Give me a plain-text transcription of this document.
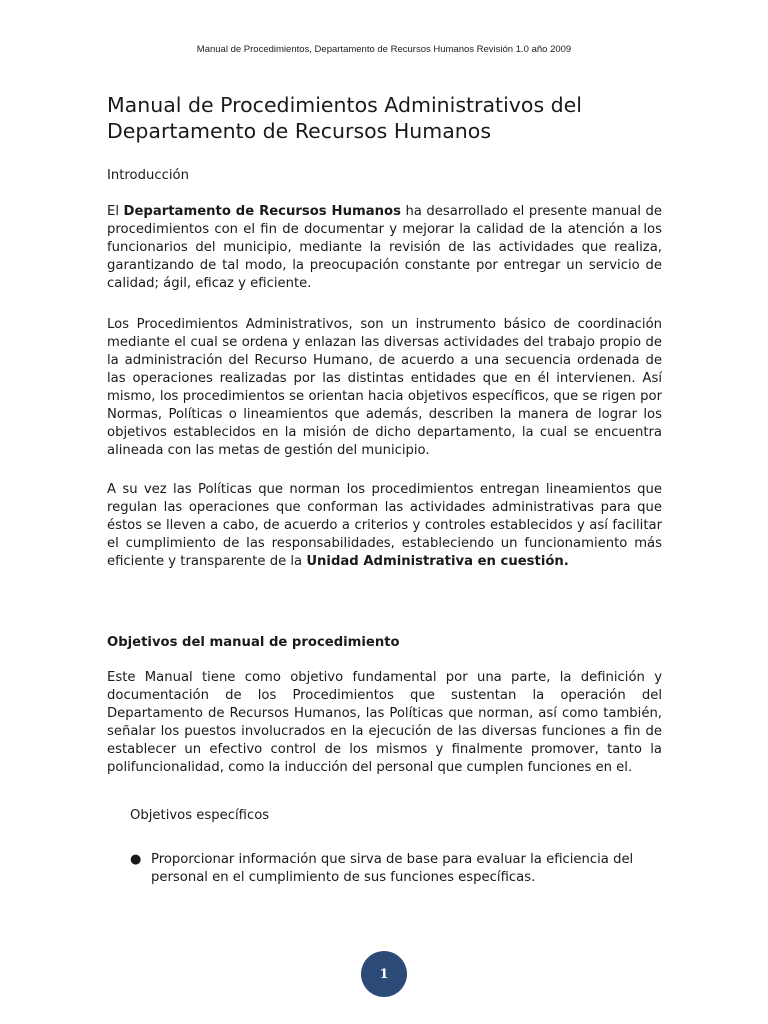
Manual de Procedimientos, Departamento de Recursos Humanos Revisión 1.0 año 2009
Manual de Procedimientos Administrativos del Departamento de Recursos Humanos

Introducción

El Departamento de Recursos Humanos ha desarrollado el presente manual de procedimientos con el fin de documentar y mejorar la calidad de la atención a los funcionarios del municipio, mediante la revisión de las actividades que realiza, garantizando de tal modo, la preocupación constante por entregar un servicio de calidad; ágil, eficaz y eficiente.

Los Procedimientos Administrativos, son un instrumento básico de coordinación mediante el cual se ordena y enlazan las diversas actividades del trabajo propio de la administración del Recurso Humano, de acuerdo a una secuencia ordenada de las operaciones realizadas por las distintas entidades que en él intervienen. Así mismo, los procedimientos se orientan hacia objetivos específicos, que se rigen por Normas, Políticas o lineamientos que además, describen la manera de lograr los objetivos establecidos en la misión de dicho departamento, la cual se encuentra alineada con las metas de gestión del municipio.

A su vez las Políticas que norman los procedimientos entregan lineamientos que regulan las operaciones que conforman las actividades administrativas para que éstos se lleven a cabo, de acuerdo a criterios y controles establecidos y así facilitar el cumplimiento de las responsabilidades, estableciendo un funcionamiento más eficiente y transparente de la Unidad Administrativa en cuestión.

Objetivos del manual de procedimiento

Este Manual tiene como objetivo fundamental por una parte, la definición y documentación de los Procedimientos que sustentan la operación del Departamento de Recursos Humanos, las Políticas que norman, así como también, señalar los puestos involucrados en la ejecución de las diversas funciones a fin de establecer un efectivo control de los mismos y finalmente promover, tanto la polifuncionalidad, como la inducción del personal que cumplen funciones en el.

Objetivos específicos

● Proporcionar información que sirva de base para evaluar la eficiencia del personal en el cumplimiento de sus funciones específicas.
1
